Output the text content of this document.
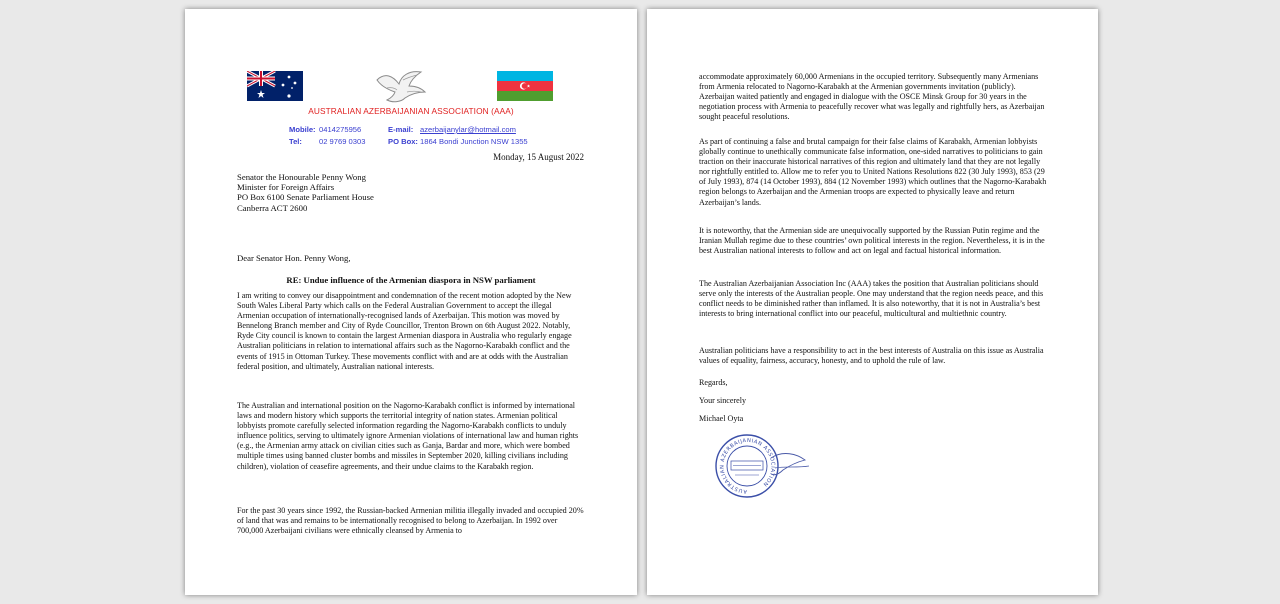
AUSTRALIAN AZERBAIJANIAN ASSOCIATION (AAA)
Mobile: 0414275956
Tel: 02 9769 0303
E-mail: azerbaijanylar@hotmail.com
PO Box: 1864 Bondi Junction NSW 1355
Monday, 15 August 2022
Senator the Honourable Penny Wong
Minister for Foreign Affairs
PO Box 6100 Senate Parliament House
Canberra ACT 2600
Dear Senator Hon. Penny Wong,
RE: Undue influence of the Armenian diaspora in NSW parliament
I am writing to convey our disappointment and condemnation of the recent motion adopted by the New South Wales Liberal Party which calls on the Federal Australian Government to accept the illegal Armenian occupation of internationally-recognised lands of Azerbaijan. This motion was moved by Bennelong Branch member and City of Ryde Councillor, Trenton Brown on 6th August 2022. Notably, Ryde City council is known to contain the largest Armenian diaspora in Australia who regularly engage Australian politicians in relation to international affairs such as the Nagorno-Karabakh conflict and the events of 1915 in Ottoman Turkey. These movements conflict with and are at odds with the Australian federal position, and ultimately, Australian national interests.
The Australian and international position on the Nagorno-Karabakh conflict is informed by international laws and modern history which supports the territorial integrity of nation states. Armenian political lobbyists promote carefully selected information regarding the Nagorno-Karabakh conflicts to unduly influence politics, serving to ultimately ignore Armenian violations of international law and human rights (e.g., the Armenian army attack on civilian cities such as Ganja, Bardar and more, which were bombed multiple times using banned cluster bombs and missiles in September 2020, killing civilians including children), violation of ceasefire agreements, and their undue claims to the Karabakh region.
For the past 30 years since 1992, the Russian-backed Armenian militia illegally invaded and occupied 20% of land that was and remains to be internationally recognised to belong to Azerbaijan. In 1992 over 700,000 Azerbaijani civilians were ethnically cleansed by Armenia to
accommodate approximately 60,000 Armenians in the occupied territory. Subsequently many Armenians from Armenia relocated to Nagorno-Karabakh at the Armenian governments invitation (publicly). Azerbaijan waited patiently and engaged in dialogue with the OSCE Minsk Group for 30 years in the negotiation process with Armenia to peacefully recover what was legally and rightfully hers, as Azerbaijan sought peaceful resolutions.
As part of continuing a false and brutal campaign for their false claims of Karabakh, Armenian lobbyists globally continue to unethically communicate false information, one-sided narratives to politicians to gain traction on their inaccurate historical narratives of this region and ultimately land that they are not legally nor rightfully entitled to. Allow me to refer you to United Nations Resolutions 822 (30 July 1993), 853 (29 of July 1993), 874 (14 October 1993), 884 (12 November 1993) which outlines that the Nagorno-Karabakh region belongs to Azerbaijan and the Armenian troops are expected to physically leave and return Azerbaijan’s lands.
It is noteworthy, that the Armenian side are unequivocally supported by the Russian Putin regime and the Iranian Mullah regime due to these countries’ own political interests in the region. Nevertheless, it is in the best Australian national interests to follow and act on legal and factual historical information.
The Australian Azerbaijanian Association Inc (AAA) takes the position that Australian politicians should serve only the interests of the Australian people. One may understand that the region needs peace, and this conflict needs to be diminished rather than inflamed. It is also noteworthy, that it is not in Australia’s best interests to bring international conflict into our peaceful, multicultural and multiethnic country.
Australian politicians have a responsibility to act in the best interests of Australia on this issue as Australia values of equality, fairness, accuracy, honesty, and to uphold the rule of law.
Regards,
Your sincerely
Michael Oyta
AUSTRALIAN AZERBAIJANIAN ASSOCIATION
